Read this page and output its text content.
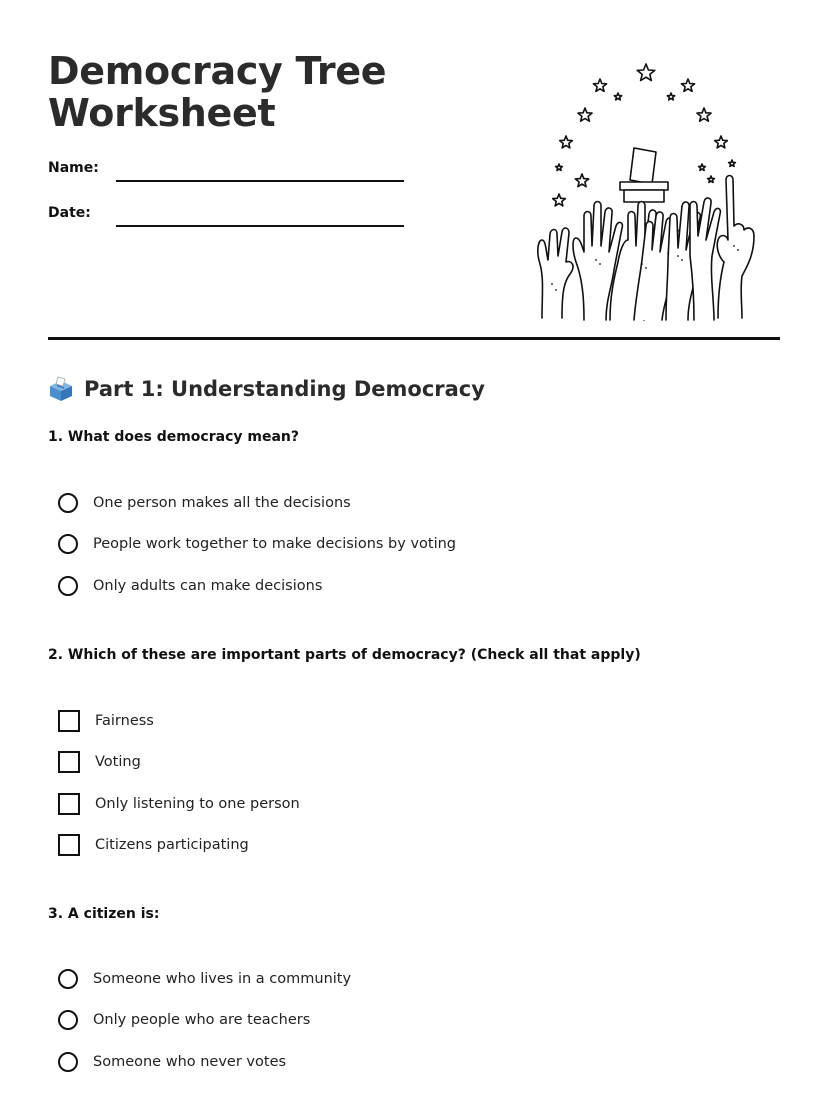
Democracy Tree
Worksheet
Name:
Date:
Part 1: Understanding Democracy

1. What does democracy mean?

One person makes all the decisions
People work together to make decisions by voting
Only adults can make decisions

2. Which of these are important parts of democracy? (Check all that apply)

Fairness
Voting
Only listening to one person
Citizens participating

3. A citizen is:

Someone who lives in a community
Only people who are teachers
Someone who never votes
